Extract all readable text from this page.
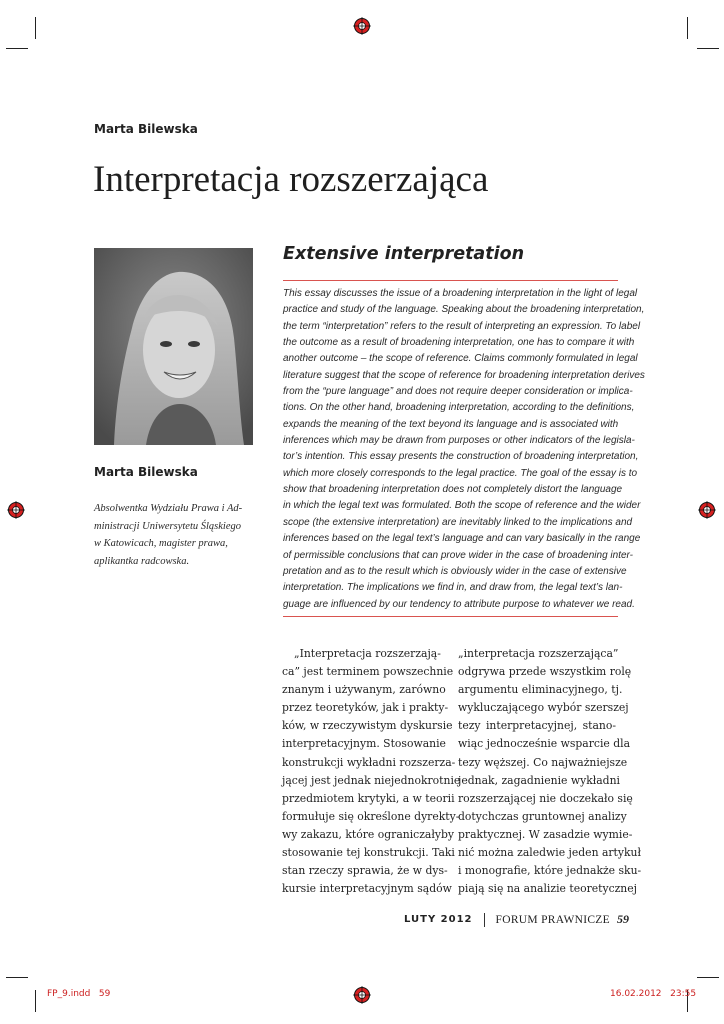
Marta Bilewska
Interpretacja rozszerzająca
Marta Bilewska
Absolwentka Wydziału Prawa i Ad-
ministracji Uniwersytetu Śląskiego
w Katowicach, magister prawa,
aplikantka radcowska.
Extensive interpretation
This essay discusses the issue of a broadening interpretation in the light of legal
practice and study of the language. Speaking about the broadening interpretation,
the term “interpretation” refers to the result of interpreting an expression. To label
the outcome as a result of broadening interpretation, one has to compare it with
another outcome – the scope of reference. Claims commonly formulated in legal
literature suggest that the scope of reference for broadening interpretation derives
from the “pure language” and does not require deeper consideration or implica-
tions. On the other hand, broadening interpretation, according to the definitions,
expands the meaning of the text beyond its language and is associated with
inferences which may be drawn from purposes or other indicators of the legisla-
tor’s intention. This essay presents the construction of broadening interpretation,
which more closely corresponds to the legal practice. The goal of the essay is to
show that broadening interpretation does not completely distort the language
in which the legal text was formulated. Both the scope of reference and the wider
scope (the extensive interpretation) are inevitably linked to the implications and
inferences based on the legal text’s language and can vary basically in the range
of permissible conclusions that can prove wider in the case of broadening inter-
pretation and as to the result which is obviously wider in the case of extensive
interpretation. The implications we find in, and draw from, the legal text’s lan-
guage are influenced by our tendency to attribute purpose to whatever we read.
„Interpretacja rozszerzają-
ca” jest terminem powszechnie
znanym i używanym, zarówno
przez teoretyków, jak i prakty-
ków, w rzeczywistym dyskursie
interpretacyjnym. Stosowanie
konstrukcji wykładni rozszerza-
jącej jest jednak niejednokrotnie
przedmiotem krytyki, a w teorii
formułuje się określone dyrekty-
wy zakazu, które ograniczałyby
stosowanie tej konstrukcji. Taki
stan rzeczy sprawia, że w dys-
kursie interpretacyjnym sądów
„interpretacja rozszerzająca”
odgrywa przede wszystkim rolę
argumentu eliminacyjnego, tj.
wykluczającego wybór szerszej
tezy interpretacyjnej, stano-
wiąc jednocześnie wsparcie dla
tezy węższej. Co najważniejsze
jednak, zagadnienie wykładni
rozszerzającej nie doczekało się
dotychczas gruntownej analizy
praktycznej. W zasadzie wymie-
nić można zaledwie jeden artykuł
i monografie, które jednakże sku-
piają się na analizie teoretycznej
LUTY 2012 FORUM PRAWNICZE 59
FP_9.indd   59	16.02.2012   23:55
